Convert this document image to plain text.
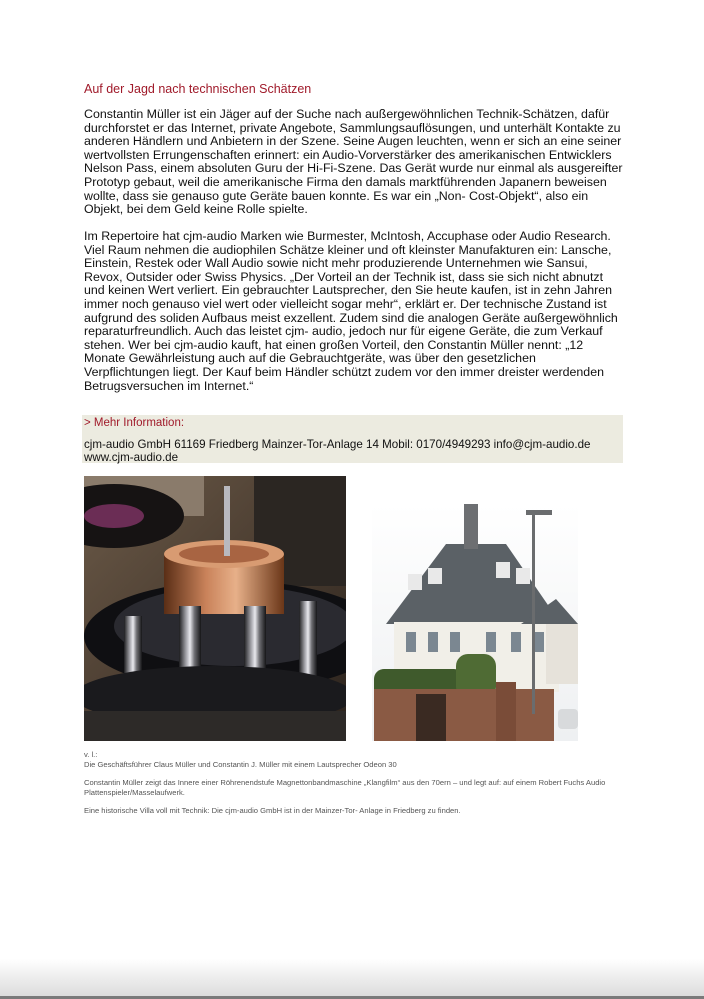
Auf der Jagd nach technischen Schätzen

Constantin Müller ist ein Jäger auf der Suche nach außergewöhnlichen Technik-Schätzen, dafür durchforstet er das Internet, private Angebote, Sammlungsauflösungen, und unterhält Kontakte zu anderen Händlern und Anbietern in der Szene. Seine Augen leuchten, wenn er sich an eine seiner wertvollsten Errungenschaften erinnert: ein Audio-Vorverstärker des amerikanischen Entwicklers Nelson Pass, einem absoluten Guru der Hi-Fi-Szene. Das Gerät wurde nur einmal als ausgereifter Prototyp gebaut, weil die amerikanische Firma den damals marktführenden Japanern beweisen wollte, dass sie genauso gute Geräte bauen konnte. Es war ein „Non- Cost-Objekt“, also ein Objekt, bei dem Geld keine Rolle spielte.

Im Repertoire hat cjm-audio Marken wie Burmester, McIntosh, Accuphase oder Audio Research. Viel Raum nehmen die audiophilen Schätze kleiner und oft kleinster Manufakturen ein: Lansche, Einstein, Restek oder Wall Audio sowie nicht mehr produzierende Unternehmen wie Sansui, Revox, Outsider oder Swiss Physics. „Der Vorteil an der Technik ist, dass sie sich nicht abnutzt und keinen Wert verliert. Ein gebrauchter Lautsprecher, den Sie heute kaufen, ist in zehn Jahren immer noch genauso viel wert oder vielleicht sogar mehr“, erklärt er. Der technische Zustand ist aufgrund des soliden Aufbaus meist exzellent. Zudem sind die analogen Geräte außergewöhnlich reparaturfreundlich. Auch das leistet cjm- audio, jedoch nur für eigene Geräte, die zum Verkauf stehen. Wer bei cjm-audio kauft, hat einen großen Vorteil, den Constantin Müller nennt: „12 Monate Gewährleistung auch auf die Gebrauchtgeräte, was über den gesetzlichen Verpflichtungen liegt. Der Kauf beim Händler schützt zudem vor den immer dreister werdenden Betrugsversuchen im Internet.“

> Mehr Information:

cjm-audio GmbH 61169 Friedberg Mainzer-Tor-Anlage 14 Mobil: 0170/4949293 info@cjm-audio.de www.cjm-audio.de

v. l.:

Die Geschäftsführer Claus Müller und Constantin J. Müller mit einem Lautsprecher Odeon 30

Constantin Müller zeigt das Innere einer Röhrenendstufe Magnettonbandmaschine „Klangfilm“ aus den 70ern – und legt auf: auf einem Robert Fuchs Audio Plattenspieler/Masselaufwerk.

Eine historische Villa voll mit Technik: Die cjm-audio GmbH ist in der Mainzer-Tor- Anlage in Friedberg zu finden.
